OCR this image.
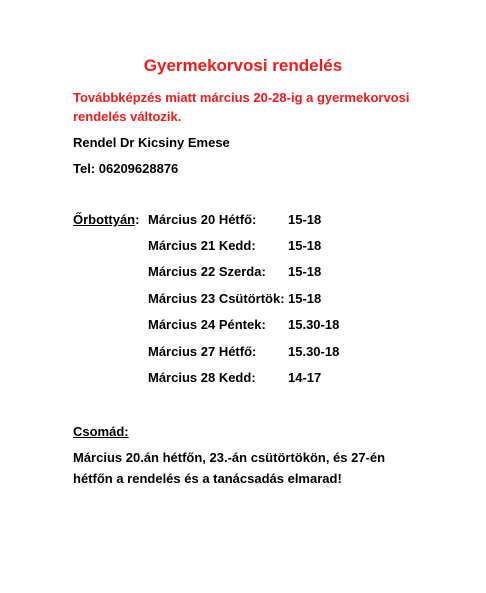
Gyermekorvosi rendelés
Továbbképzés miatt március 20-28-ig a gyermekorvosi rendelés változik.
Rendel Dr Kicsiny Emese
Tel: 06209628876
Őrbottyán: Március 20 Hétfő: 15-18
Március 21 Kedd: 15-18
Március 22 Szerda: 15-18
Március 23 Csütörtök: 15-18
Március 24 Péntek: 15.30-18
Március 27 Hétfő: 15.30-18
Március 28 Kedd: 14-17
Csomád:
Március 20.án hétfőn, 23.-án csütörtökön, és 27-én hétfőn a rendelés és a tanácsadás elmarad!
